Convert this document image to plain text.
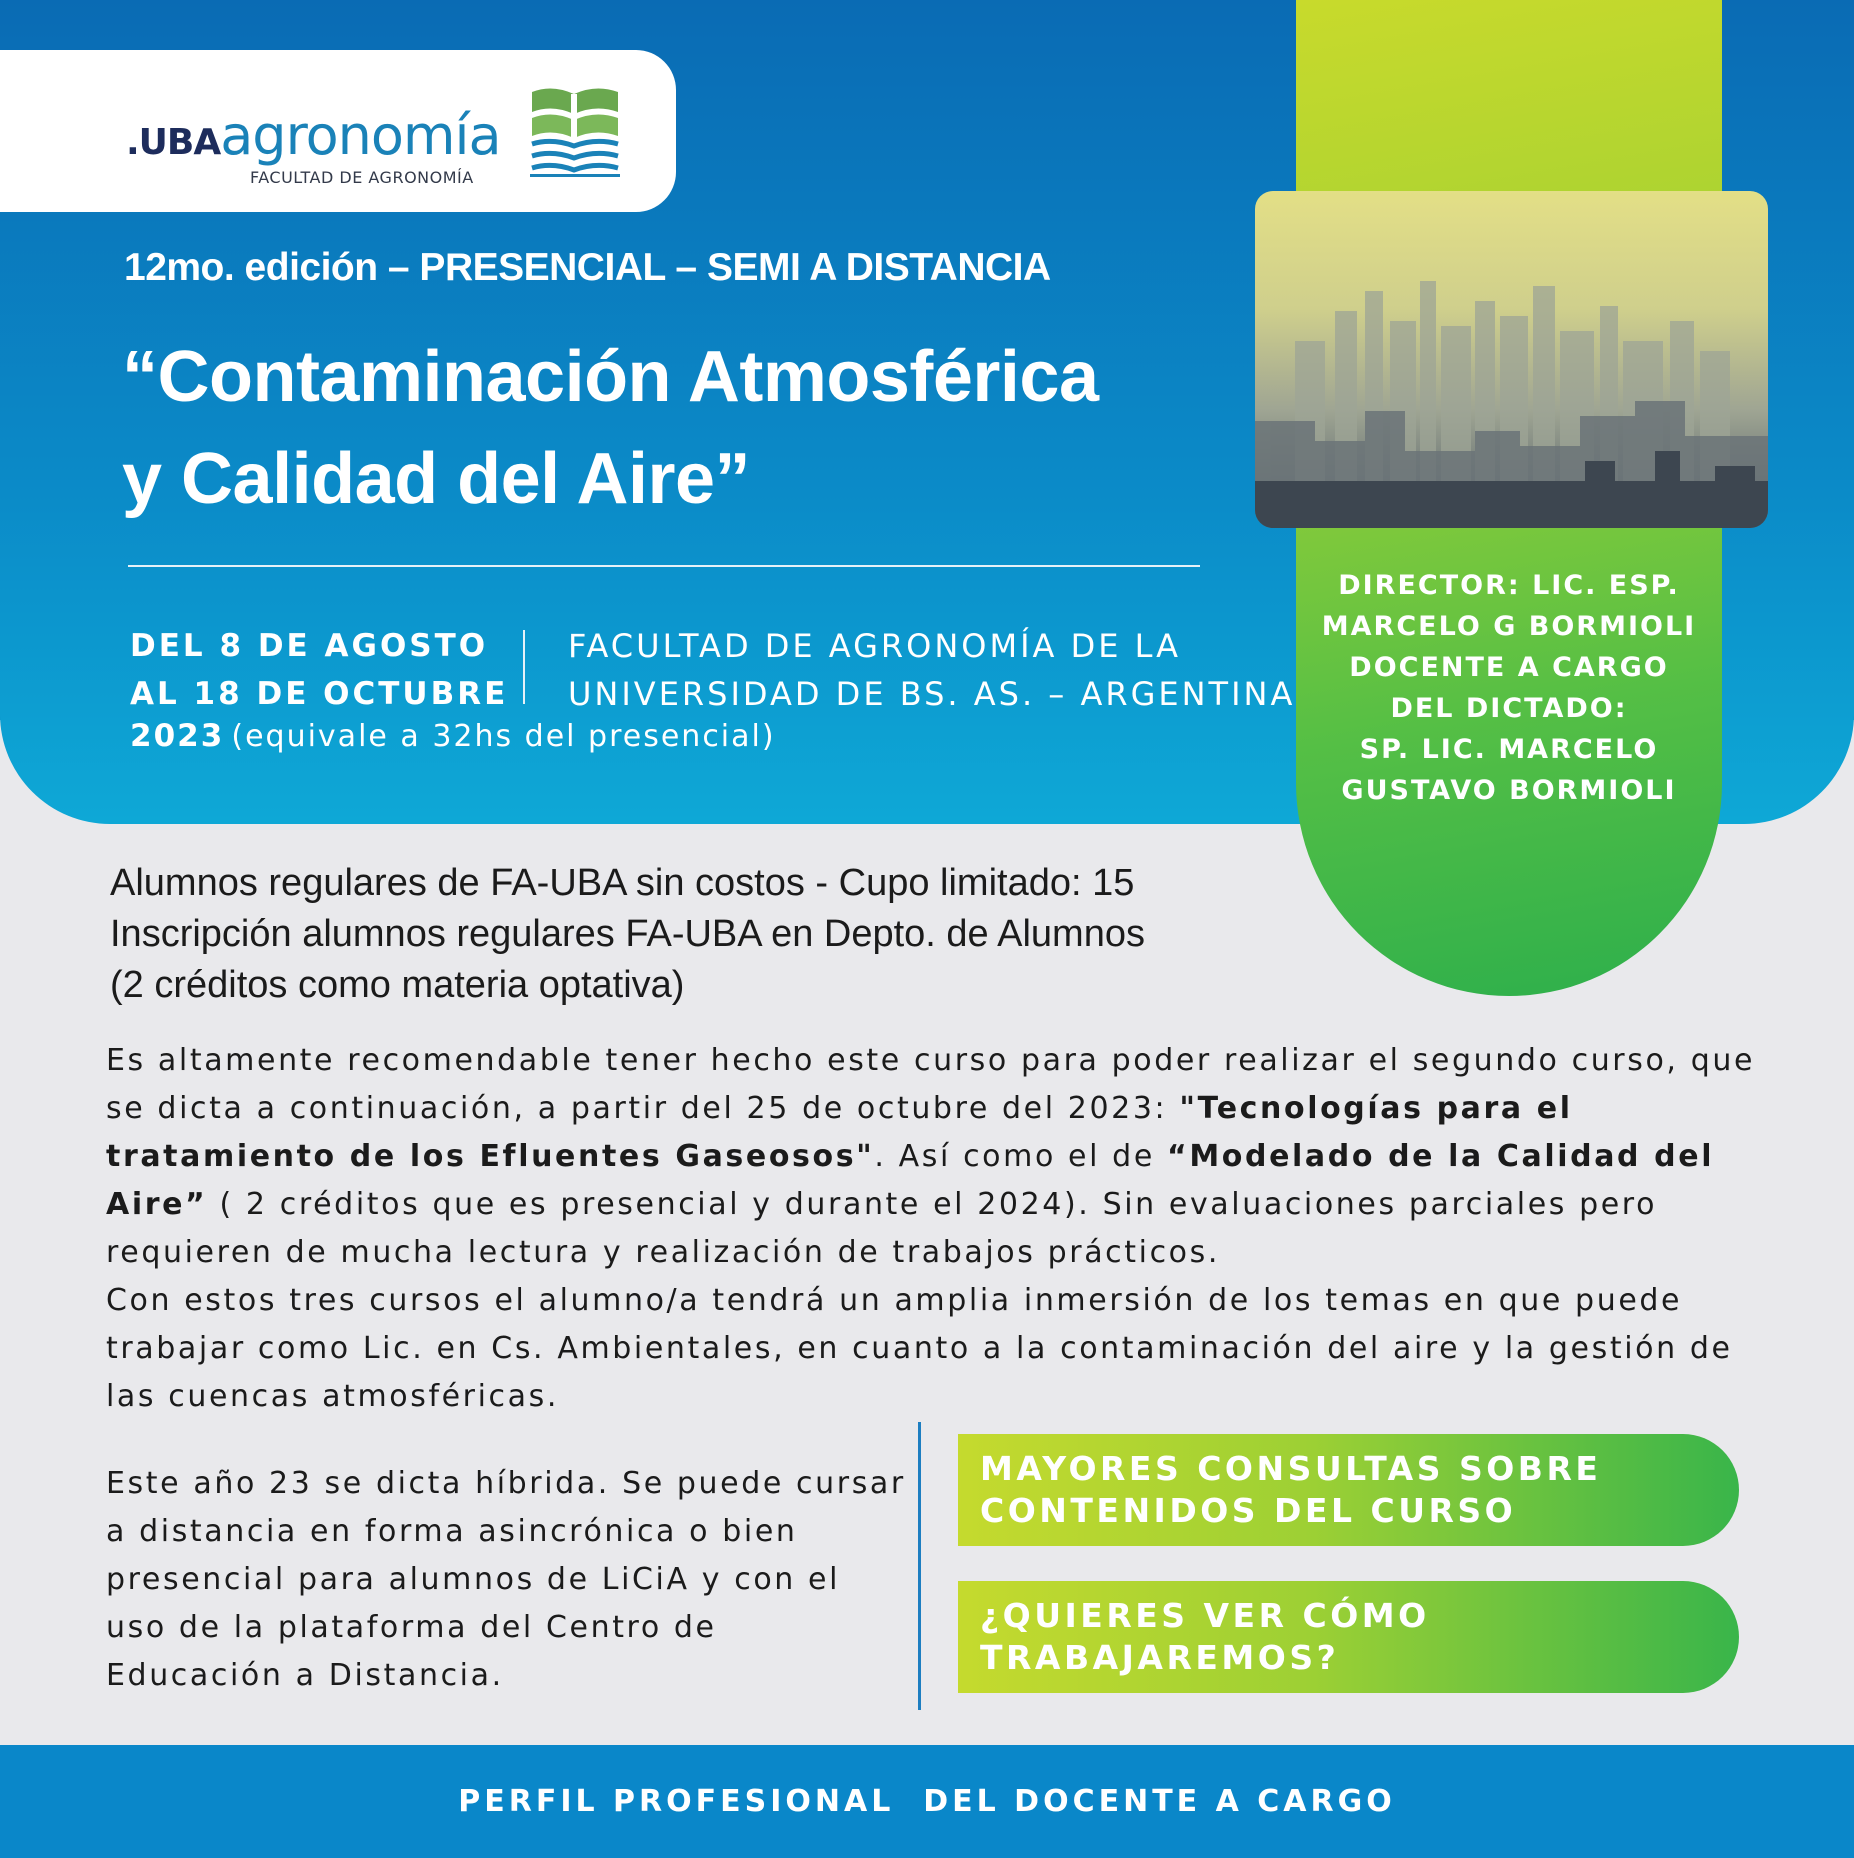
.UBAagronomía
FACULTAD DE AGRONOMÍA
12mo. edición – PRESENCIAL – SEMI A DISTANCIA
“Contaminación Atmosférica
y Calidad del Aire”
DEL 8 DE AGOSTO
AL 18 DE OCTUBRE
FACULTAD DE AGRONOMÍA DE LA
UNIVERSIDAD DE BS. AS. – ARGENTINA
2023 (equivale a 32hs del presencial)
DIRECTOR: LIC. ESP.
MARCELO G BORMIOLI
DOCENTE A CARGO
DEL DICTADO:
SP. LIC. MARCELO
GUSTAVO BORMIOLI
Alumnos regulares de FA-UBA sin costos - Cupo limitado: 15
Inscripción alumnos regulares FA-UBA en Depto. de Alumnos
(2 créditos como materia optativa)
Es altamente recomendable tener hecho este curso para poder realizar el segundo curso, que se dicta a continuación, a partir del 25 de octubre del 2023: "Tecnologías para el tratamiento de los Efluentes Gaseosos". Así como el de “Modelado de la Calidad del Aire” ( 2 créditos que es presencial y durante el 2024). Sin evaluaciones parciales pero requieren de mucha lectura y realización de trabajos prácticos.
Con estos tres cursos el alumno/a tendrá un amplia inmersión de los temas en que puede trabajar como Lic. en Cs. Ambientales, en cuanto a la contaminación del aire y la gestión de las cuencas atmosféricas.
Este año 23 se dicta híbrida. Se puede cursar a distancia en forma asincrónica o bien presencial para alumnos de LiCiA y con el uso de la plataforma del Centro de Educación a Distancia.
MAYORES CONSULTAS SOBRE
CONTENIDOS DEL CURSO
¿QUIERES VER CÓMO TRABAJAREMOS?
PERFIL PROFESIONAL  DEL DOCENTE A CARGO
